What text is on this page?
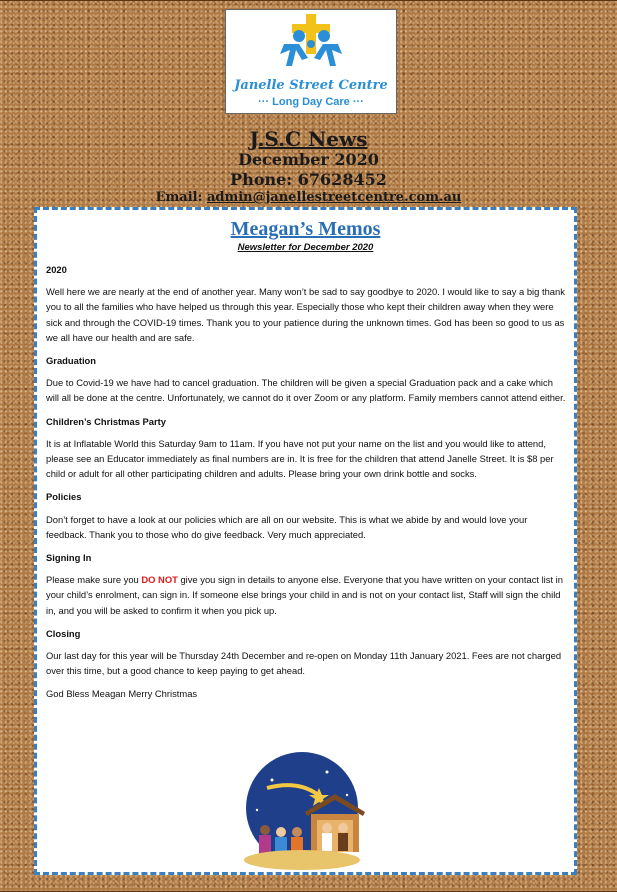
Janelle Street Centre
··· Long Day Care ···
J.S.C News
December 2020
Phone: 67628452
Email: admin@janellestreetcentre.com.au
Meagan’s Memos
Newsletter for December 2020
2020

Well here we are nearly at the end of another year. Many won’t be sad to say goodbye to 2020. I would like to say a big thank you to all the families who have helped us through this year. Especially those who kept their children away when they were sick and through the COVID-19 times. Thank you to your patience during the unknown times. God has been so good to us as we all have our health and are safe.

Graduation

Due to Covid-19 we have had to cancel graduation. The children will be given a special Graduation pack and a cake which will all be done at the centre. Unfortunately, we cannot do it over Zoom or any platform. Family members cannot attend either.

Children’s Christmas Party

It is at Inflatable World this Saturday 9am to 11am. If you have not put your name on the list and you would like to attend, please see an Educator immediately as final numbers are in. It is free for the children that attend Janelle Street. It is $8 per child or adult for all other participating children and adults. Please bring your own drink bottle and socks.

Policies

Don’t forget to have a look at our policies which are all on our website. This is what we abide by and would love your feedback. Thank you to those who do give feedback. Very much appreciated.

Signing In

Please make sure you DO NOT give you sign in details to anyone else. Everyone that you have written on your contact list in your child’s enrolment, can sign in. If someone else brings your child in and is not on your contact list, Staff will sign the child in, and you will be asked to confirm it when you pick up.

Closing

Our last day for this year will be Thursday 24th December and re-open on Monday 11th January 2021. Fees are not charged over this time, but a good chance to keep paying to get ahead.

God Bless Meagan Merry Christmas
